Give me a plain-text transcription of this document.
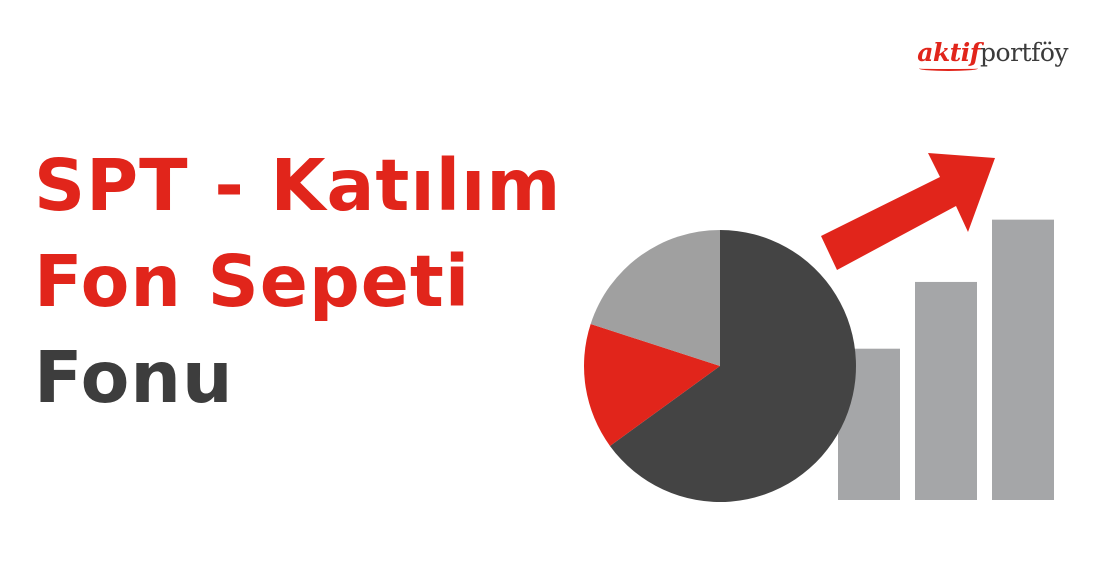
aktif portföy
SPT - Katılım
Fon Sepeti
Fonu
